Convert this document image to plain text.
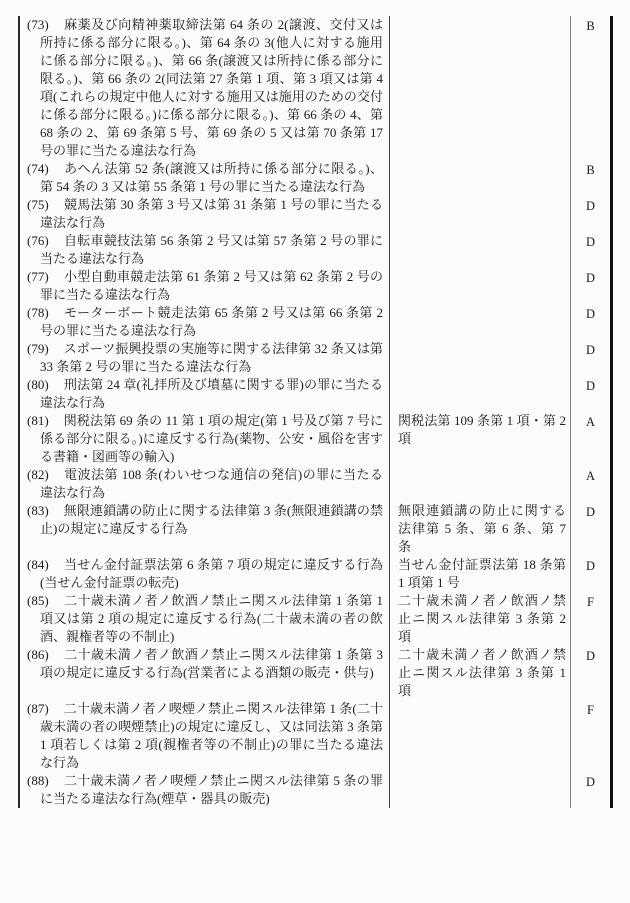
(73) 麻薬及び向精神薬取締法第 64 条の 2(譲渡、交付又は所持に係る部分に限る。)、第 64 条の 3(他人に対する施用に係る部分に限る。)、第 66 条(譲渡又は所持に係る部分に限る。)、第 66 条の 2(同法第 27 条第 1 項、第 3 項又は第 4 項(これらの規定中他人に対する施用又は施用のための交付に係る部分に限る。)に係る部分に限る。)、第 66 条の 4、第 68 条の 2、第 69 条第 5 号、第 69 条の 5 又は第 70 条第 17 号の罪に当たる違法な行為
B
(74) あへん法第 52 条(譲渡又は所持に係る部分に限る。)、第 54 条の 3 又は第 55 条第 1 号の罪に当たる違法な行為
B
(75) 競馬法第 30 条第 3 号又は第 31 条第 1 号の罪に当たる違法な行為
D
(76) 自転車競技法第 56 条第 2 号又は第 57 条第 2 号の罪に当たる違法な行為
D
(77) 小型自動車競走法第 61 条第 2 号又は第 62 条第 2 号の罪に当たる違法な行為
D
(78) モーターボート競走法第 65 条第 2 号又は第 66 条第 2 号の罪に当たる違法な行為
D
(79) スポーツ振興投票の実施等に関する法律第 32 条又は第 33 条第 2 号の罪に当たる違法な行為
D
(80) 刑法第 24 章(礼拝所及び墳墓に関する罪)の罪に当たる違法な行為
D
(81) 関税法第 69 条の 11 第 1 項の規定(第 1 号及び第 7 号に係る部分に限る。)に違反する行為(薬物、公安・風俗を害する書籍・図画等の輸入)
関税法第 109 条第 1 項・第 2 項
A
(82) 電波法第 108 条(わいせつな通信の発信)の罪に当たる違法な行為
A
(83) 無限連鎖講の防止に関する法律第 3 条(無限連鎖講の禁止)の規定に違反する行為
無限連鎖講の防止に関する法律第 5 条、第 6 条、第 7 条
D
(84) 当せん金付証票法第 6 条第 7 項の規定に違反する行為(当せん金付証票の転売)
当せん金付証票法第 18 条第 1 項第 1 号
D
(85) 二十歳未満ノ者ノ飲酒ノ禁止ニ関スル法律第 1 条第 1 項又は第 2 項の規定に違反する行為(二十歳未満の者の飲酒、親権者等の不制止)
二十歳未満ノ者ノ飲酒ノ禁止ニ関スル法律第 3 条第 2 項
F
(86) 二十歳未満ノ者ノ飲酒ノ禁止ニ関スル法律第 1 条第 3 項の規定に違反する行為(営業者による酒類の販売・供与)
二十歳未満ノ者ノ飲酒ノ禁止ニ関スル法律第 3 条第 1 項
D
(87) 二十歳未満ノ者ノ喫煙ノ禁止ニ関スル法律第 1 条(二十歳未満の者の喫煙禁止)の規定に違反し、又は同法第 3 条第 1 項若しくは第 2 項(親権者等の不制止)の罪に当たる違法な行為
F
(88) 二十歳未満ノ者ノ喫煙ノ禁止ニ関スル法律第 5 条の罪に当たる違法な行為(煙草・器具の販売)
D
